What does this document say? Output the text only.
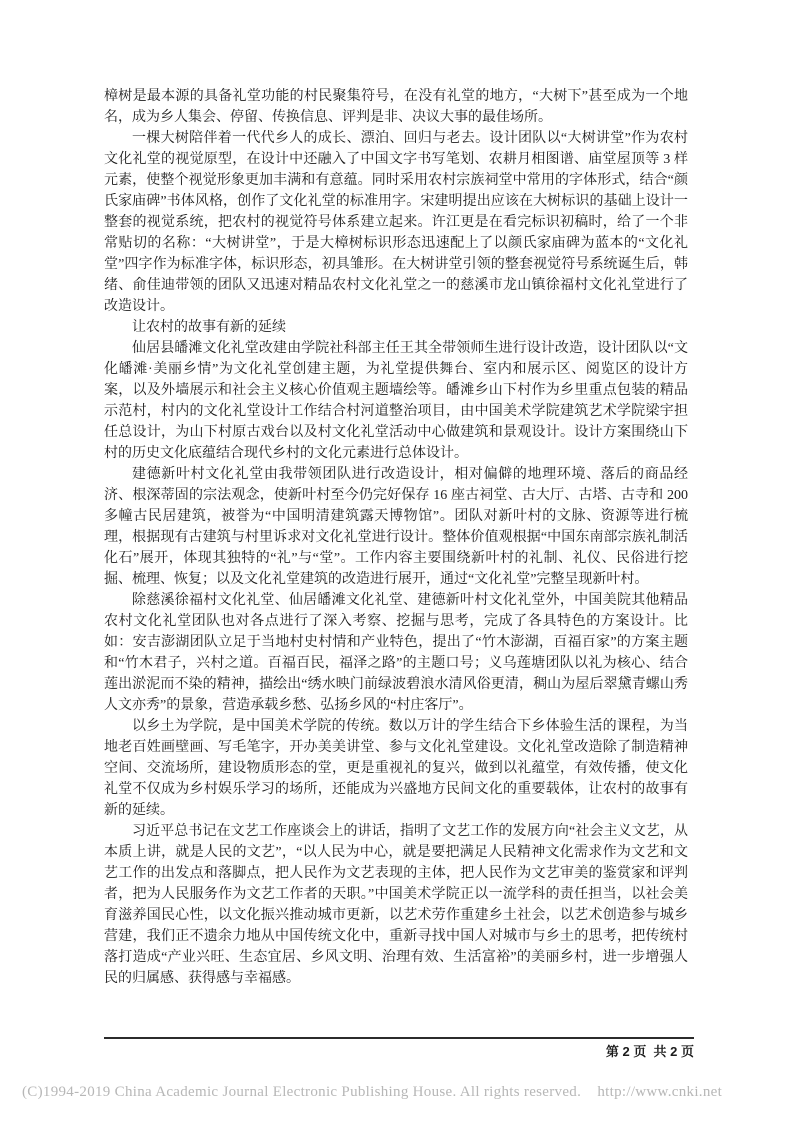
樟树是最本源的具备礼堂功能的村民聚集符号，在没有礼堂的地方，“大树下”甚至成为一个地名，成为乡人集会、停留、传换信息、评判是非、决议大事的最佳场所。

一棵大树陪伴着一代代乡人的成长、漂泊、回归与老去。设计团队以“大树讲堂”作为农村文化礼堂的视觉原型，在设计中还融入了中国文字书写笔划、农耕月相图谱、庙堂屋顶等 3 样元素，使整个视觉形象更加丰满和有意蕴。同时采用农村宗族祠堂中常用的字体形式，结合“颜氏家庙碑”书体风格，创作了文化礼堂的标准用字。宋建明提出应该在大树标识的基础上设计一整套的视觉系统，把农村的视觉符号体系建立起来。许江更是在看完标识初稿时，给了一个非常贴切的名称：“大树讲堂”，于是大樟树标识形态迅速配上了以颜氏家庙碑为蓝本的“文化礼堂”四字作为标准字体，标识形态，初具雏形。在大树讲堂引领的整套视觉符号系统诞生后，韩绪、俞佳迪带领的团队又迅速对精品农村文化礼堂之一的慈溪市龙山镇徐福村文化礼堂进行了改造设计。

让农村的故事有新的延续

仙居县皤滩文化礼堂改建由学院社科部主任王其全带领师生进行设计改造，设计团队以“文化皤滩·美丽乡情”为文化礼堂创建主题，为礼堂提供舞台、室内和展示区、阅览区的设计方案，以及外墙展示和社会主义核心价值观主题墙绘等。皤滩乡山下村作为乡里重点包装的精品示范村，村内的文化礼堂设计工作结合村河道整治项目，由中国美术学院建筑艺术学院梁宇担任总设计，为山下村原古戏台以及村文化礼堂活动中心做建筑和景观设计。设计方案围绕山下村的历史文化底蕴结合现代乡村的文化元素进行总体设计。

建德新叶村文化礼堂由我带领团队进行改造设计，相对偏僻的地理环境、落后的商品经济、根深蒂固的宗法观念，使新叶村至今仍完好保存 16 座古祠堂、古大厅、古塔、古寺和 200 多幢古民居建筑，被誉为“中国明清建筑露天博物馆”。团队对新叶村的文脉、资源等进行梳理，根据现有古建筑与村里诉求对文化礼堂进行设计。整体价值观根据“中国东南部宗族礼制活化石”展开，体现其独特的“礼”与“堂”。工作内容主要围绕新叶村的礼制、礼仪、民俗进行挖掘、梳理、恢复；以及文化礼堂建筑的改造进行展开，通过“文化礼堂”完整呈现新叶村。

除慈溪徐福村文化礼堂、仙居皤滩文化礼堂、建德新叶村文化礼堂外，中国美院其他精品农村文化礼堂团队也对各点进行了深入考察、挖掘与思考，完成了各具特色的方案设计。比如：安吉澎湖团队立足于当地村史村情和产业特色，提出了“竹木澎湖，百福百家”的方案主题和“竹木君子，兴村之道。百福百民，福泽之路”的主题口号；义乌莲塘团队以礼为核心、结合莲出淤泥而不染的精神，描绘出“绣水映门前绿波碧浪水清风俗更清，稠山为屋后翠黛青螺山秀人文亦秀”的景象，营造承载乡愁、弘扬乡风的“村庄客厅”。

以乡土为学院，是中国美术学院的传统。数以万计的学生结合下乡体验生活的课程，为当地老百姓画壁画、写毛笔字，开办美美讲堂、参与文化礼堂建设。文化礼堂改造除了制造精神空间、交流场所，建设物质形态的堂，更是重视礼的复兴，做到以礼蕴堂，有效传播，使文化礼堂不仅成为乡村娱乐学习的场所，还能成为兴盛地方民间文化的重要载体，让农村的故事有新的延续。

习近平总书记在文艺工作座谈会上的讲话，指明了文艺工作的发展方向“社会主义文艺，从本质上讲，就是人民的文艺”，“以人民为中心，就是要把满足人民精神文化需求作为文艺和文艺工作的出发点和落脚点，把人民作为文艺表现的主体，把人民作为文艺审美的鉴赏家和评判者，把为人民服务作为文艺工作者的天职。”中国美术学院正以一流学科的责任担当，以社会美育滋养国民心性，以文化振兴推动城市更新，以艺术劳作重建乡土社会，以艺术创造参与城乡营建，我们正不遗余力地从中国传统文化中，重新寻找中国人对城市与乡土的思考，把传统村落打造成“产业兴旺、生态宜居、乡风文明、治理有效、生活富裕”的美丽乡村，进一步增强人民的归属感、获得感与幸福感。

第 2 页  共 2 页
(C)1994-2019 China Academic Journal Electronic Publishing House. All rights reserved.    http://www.cnki.net
